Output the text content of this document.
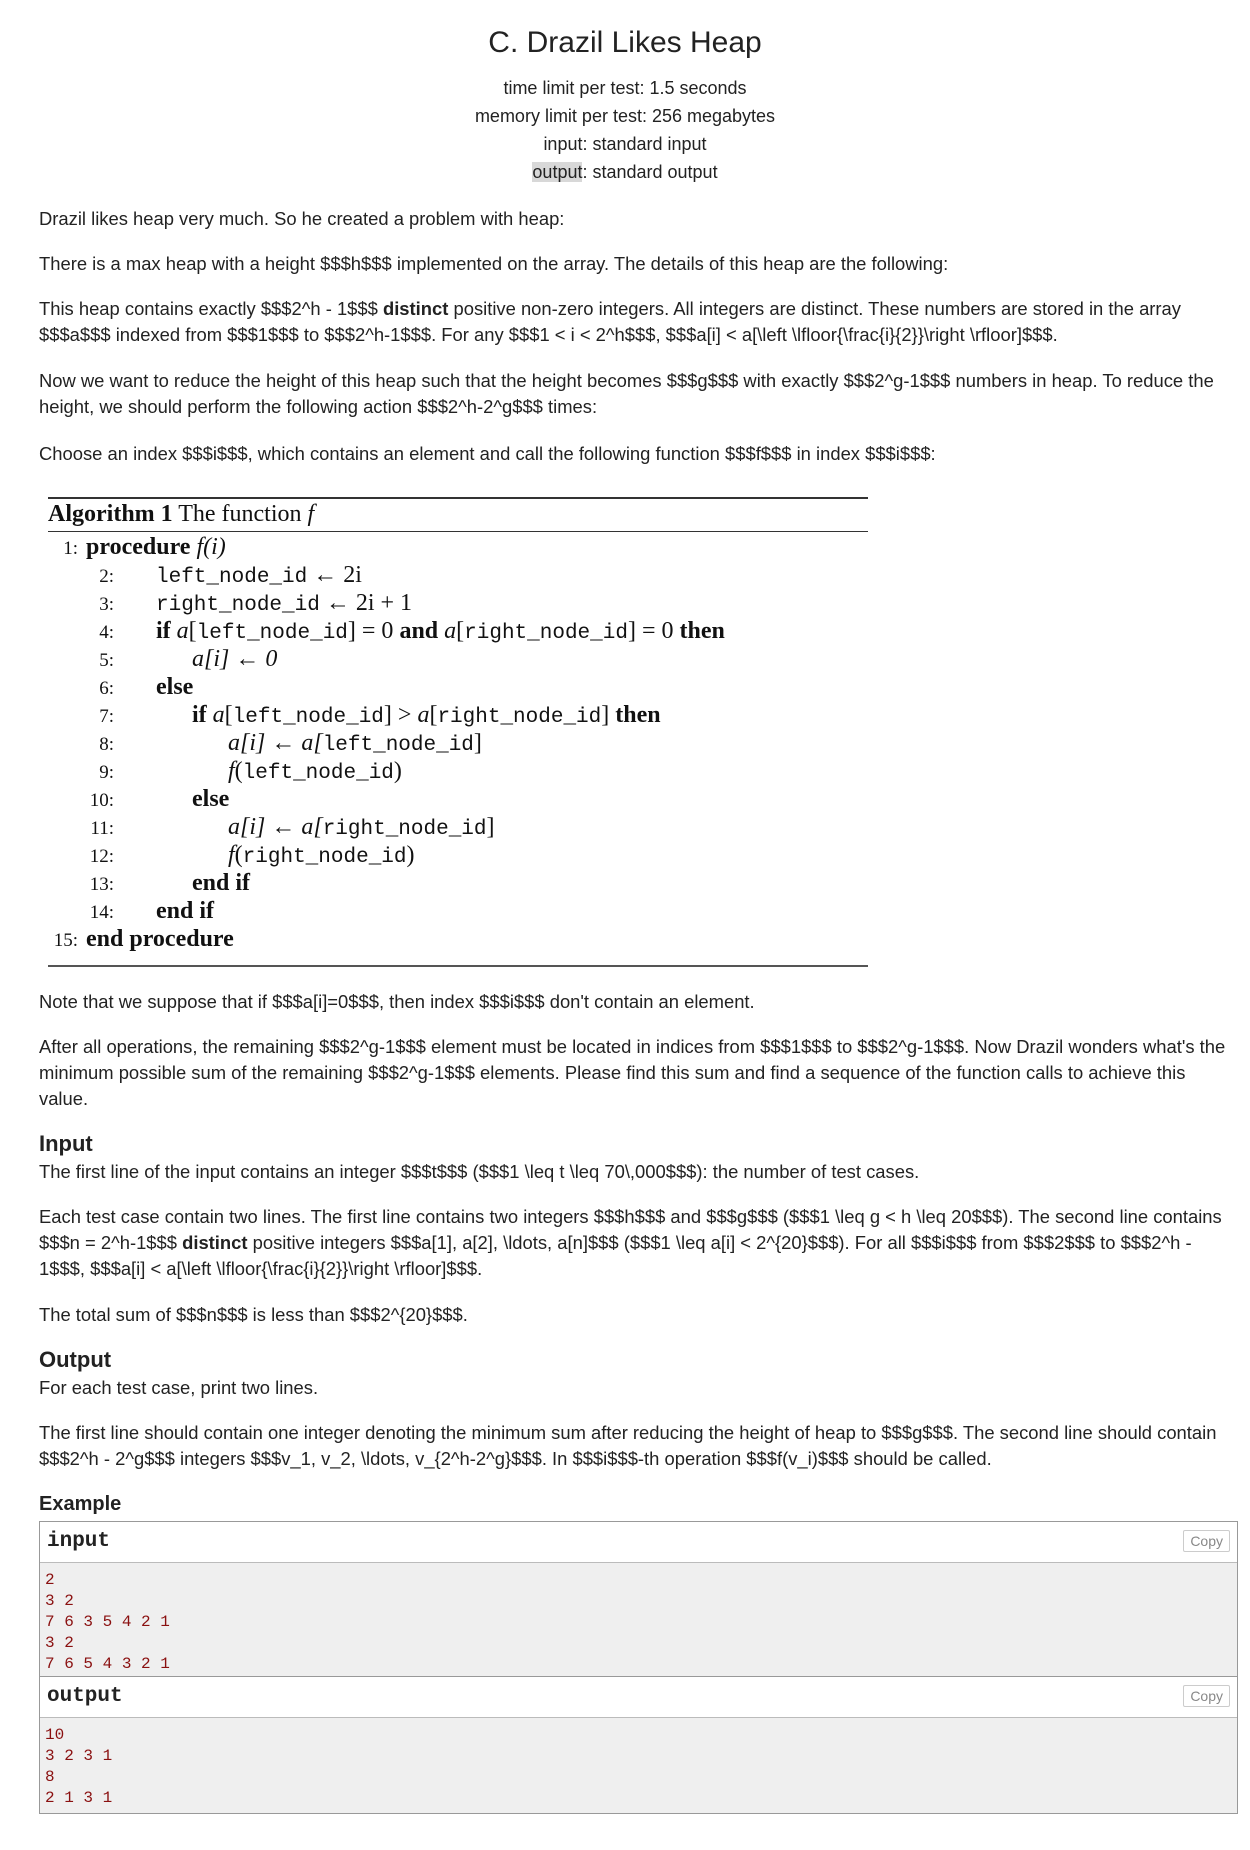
C. Drazil Likes Heap
time limit per test: 1.5 seconds
memory limit per test: 256 megabytes
input: standard input
output: standard output
Drazil likes heap very much. So he created a problem with heap:
There is a max heap with a height $$$h$$$ implemented on the array. The details of this heap are the following:
This heap contains exactly $$$2^h - 1$$$ distinct positive non-zero integers. All integers are distinct. These numbers are stored in the array $$$a$$$ indexed from $$$1$$$ to $$$2^h-1$$$. For any $$$1 < i < 2^h$$$, $$$a[i] < a[\left \lfloor{\frac{i}{2}}\right \rfloor]$$$.
Now we want to reduce the height of this heap such that the height becomes $$$g$$$ with exactly $$$2^g-1$$$ numbers in heap. To reduce the height, we should perform the following action $$$2^h-2^g$$$ times:
Choose an index $$$i$$$, which contains an element and call the following function $$$f$$$ in index $$$i$$$:
Algorithm 1 The function f
1: procedure f(i)
2: left_node_id ← 2i
3: right_node_id ← 2i + 1
4: if a[left_node_id] = 0 and a[right_node_id] = 0 then
5:	a[i] ← 0
6: else
7:	if a[left_node_id] > a[right_node_id] then
8:	a[i] ← a[left_node_id]
9:	f(left_node_id)
10:	else
11:	a[i] ← a[right_node_id]
12:	f(right_node_id)
13:	end if
14: end if
15: end procedure
Note that we suppose that if $$$a[i]=0$$$, then index $$$i$$$ don't contain an element.
After all operations, the remaining $$$2^g-1$$$ element must be located in indices from $$$1$$$ to $$$2^g-1$$$. Now Drazil wonders what's the minimum possible sum of the remaining $$$2^g-1$$$ elements. Please find this sum and find a sequence of the function calls to achieve this value.
Input
The first line of the input contains an integer $$$t$$$ ($$$1 \leq t \leq 70\,000$$$): the number of test cases.
Each test case contain two lines. The first line contains two integers $$$h$$$ and $$$g$$$ ($$$1 \leq g < h \leq 20$$$). The second line contains $$$n = 2^h-1$$$ distinct positive integers $$$a[1], a[2], \ldots, a[n]$$$ ($$$1 \leq a[i] < 2^{20}$$$). For all $$$i$$$ from $$$2$$$ to $$$2^h - 1$$$, $$$a[i] < a[\left \lfloor{\frac{i}{2}}\right \rfloor]$$$.
The total sum of $$$n$$$ is less than $$$2^{20}$$$.
Output
For each test case, print two lines.
The first line should contain one integer denoting the minimum sum after reducing the height of heap to $$$g$$$. The second line should contain $$$2^h - 2^g$$$ integers $$$v_1, v_2, \ldots, v_{2^h-2^g}$$$. In $$$i$$$-th operation $$$f(v_i)$$$ should be called.
Example
input	Copy
2
3 2
7 6 3 5 4 2 1
3 2
7 6 5 4 3 2 1
output	Copy
10
3 2 3 1
8
2 1 3 1
